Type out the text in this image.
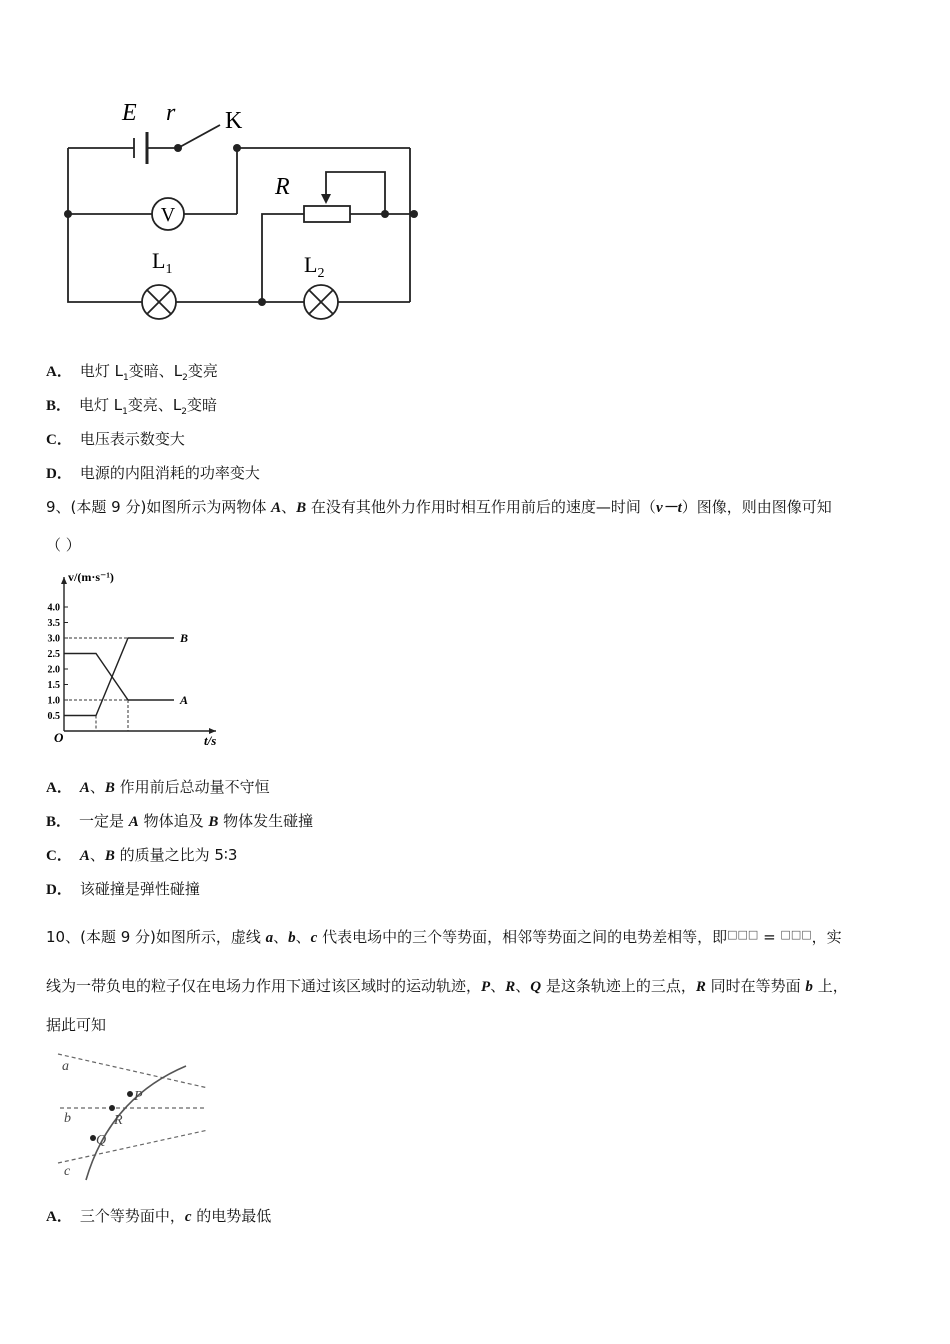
V
E r K
R
$L_1$	$L_2$
A． 电灯 $L_1$变暗、$L_2$变亮
B． 电灯 $L_1$变亮、$L_2$变暗
C． 电压表示数变大
D． 电源的内阻消耗的功率变大
9、(本题 9 分)如图所示为两物体 A、B 在没有其他外力作用时相互作用前后的速度—时间（v－t）图像，则由图像可知
（ ）
0.5
1.0
1.5
2.0
2.5
3.0
3.5
4.0
A
B
v/(m·s⁻¹)
t/s
O
A． A、B 作用前后总动量不守恒
B． 一定是 A 物体追及 B 物体发生碰撞
C． A、B 的质量之比为 5∶3
D． 该碰撞是弹性碰撞
10、(本题 9 分)如图所示，虚线 a、b、c 代表电场中的三个等势面，相邻等势面之间的电势差相等，即□□□ = □□□，实
线为一带负电的粒子仅在电场力作用下通过该区域时的运动轨迹，P、R、Q 是这条轨迹上的三点，R 同时在等势面 b 上，
据此可知
a
b
c
P
R
Q
A． 三个等势面中，c 的电势最低
